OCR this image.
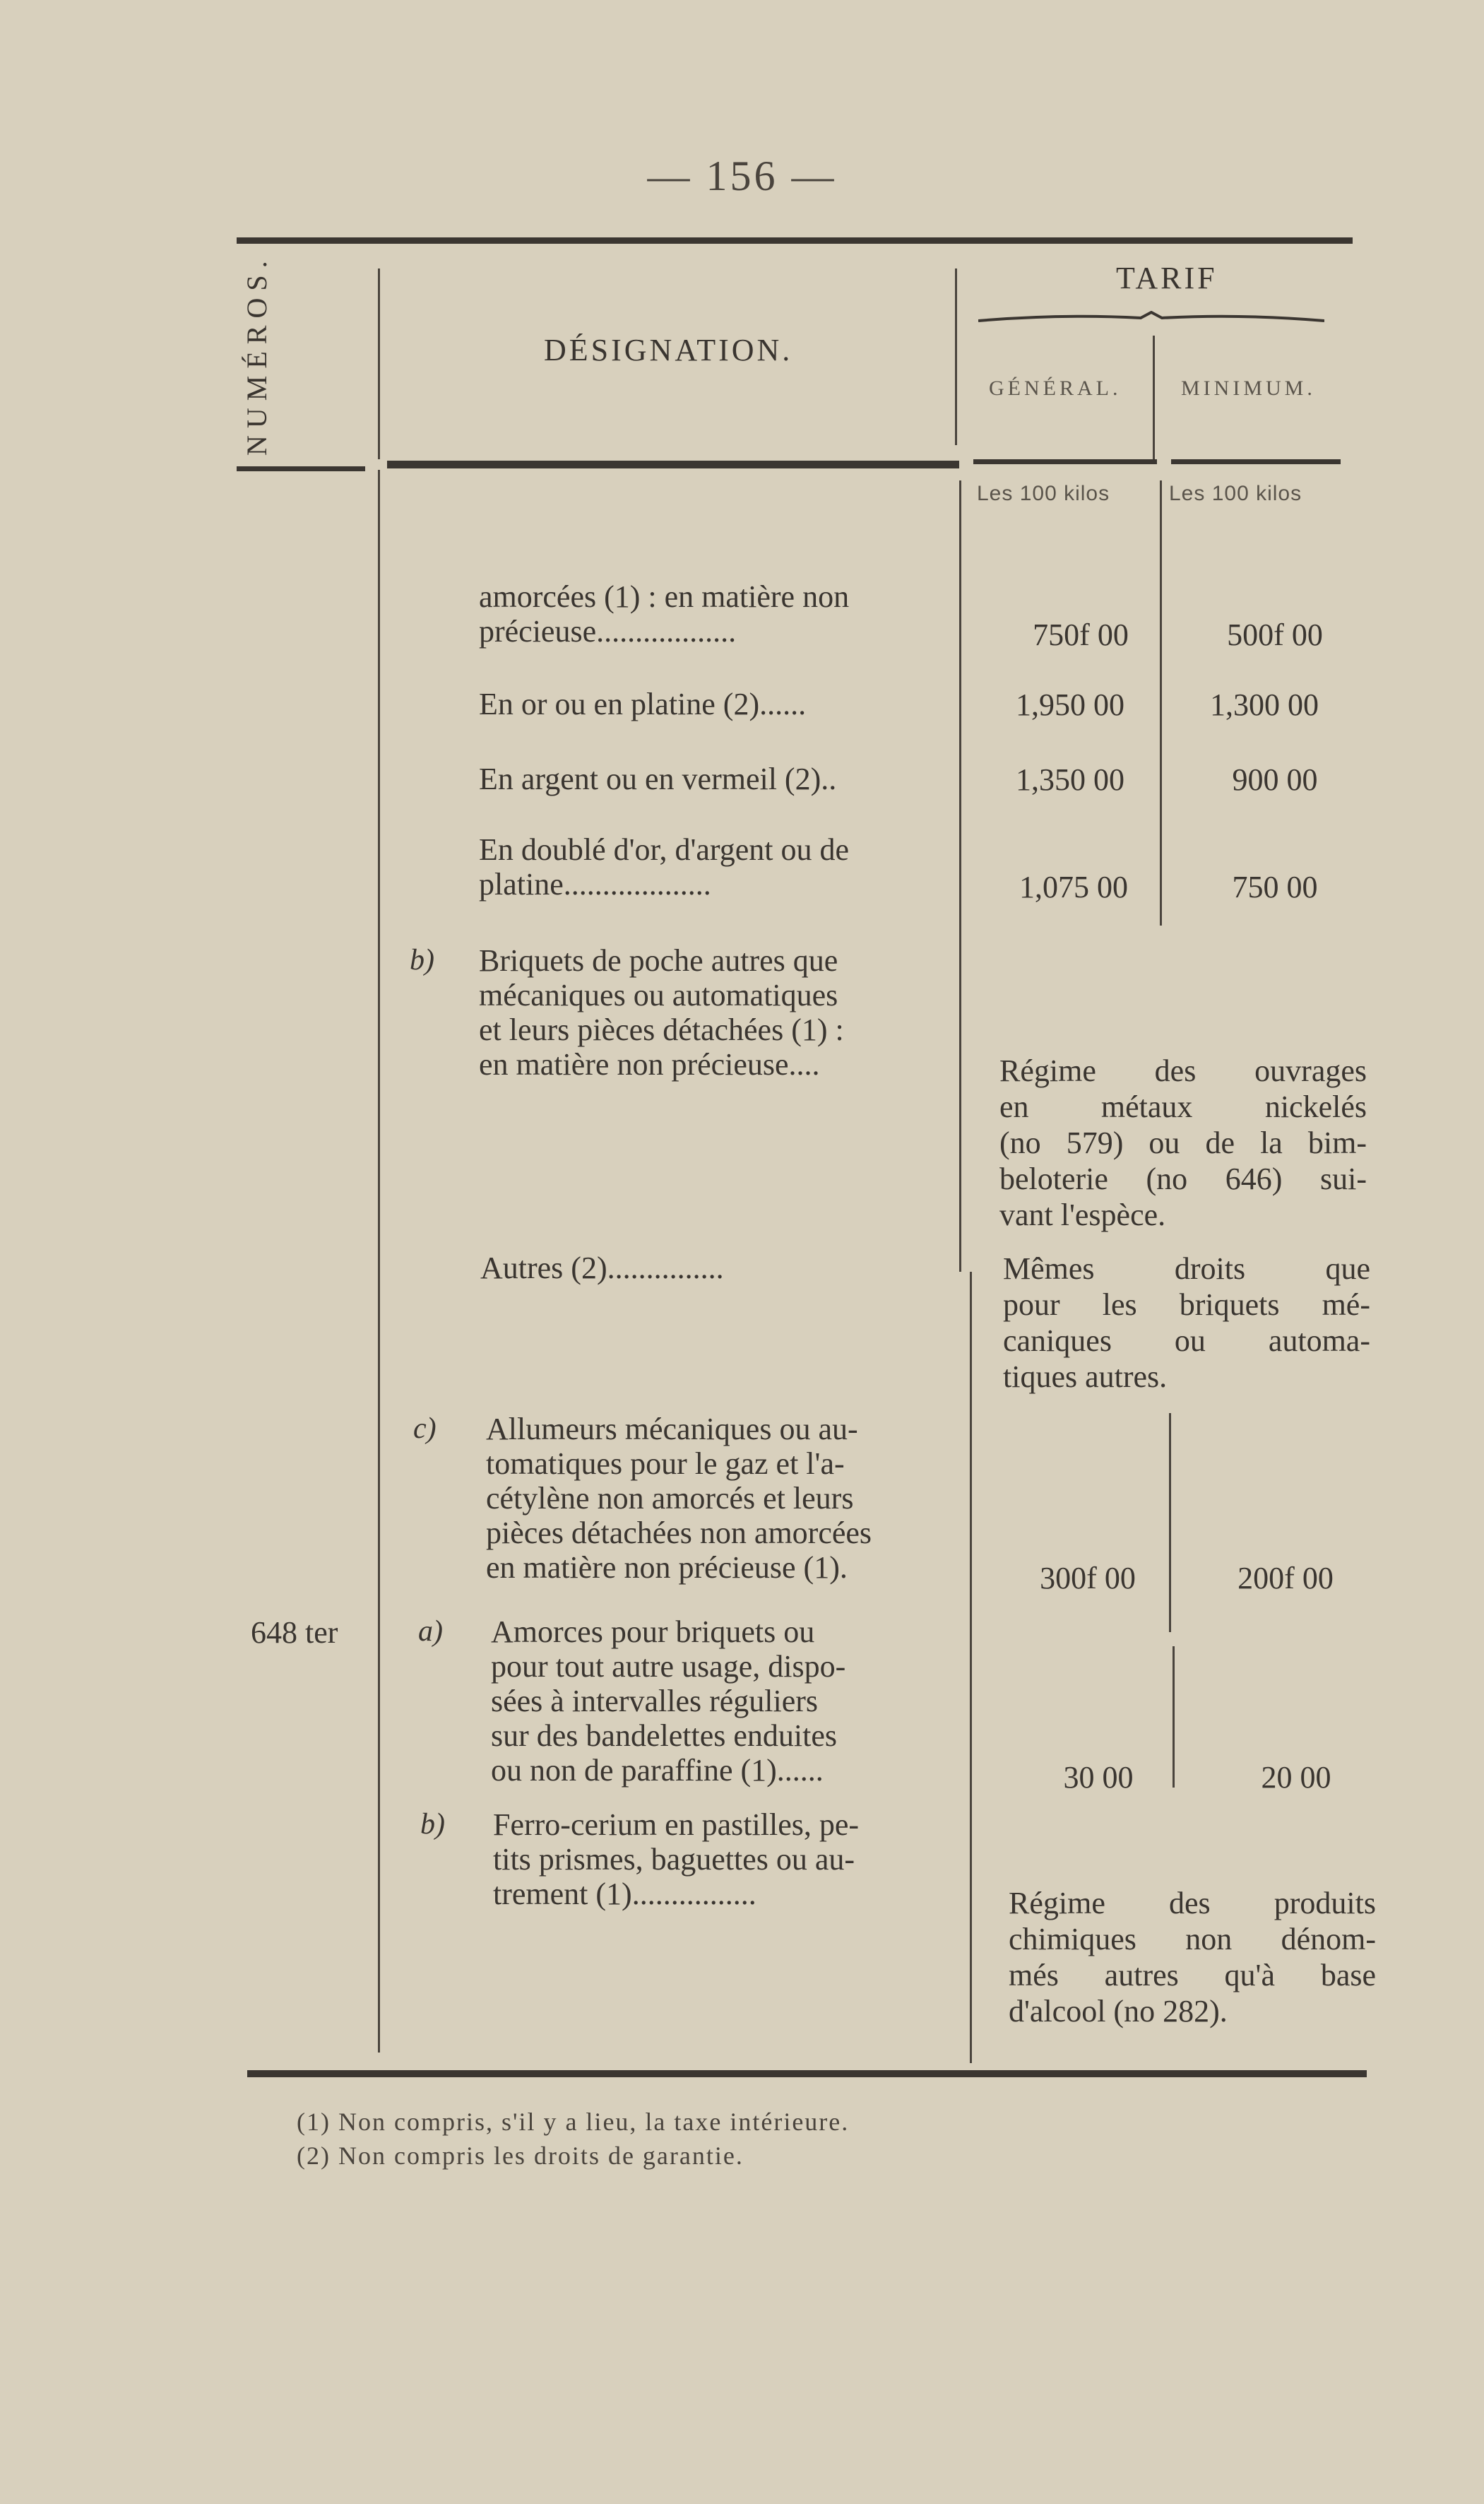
— 156 —
NUMÉROS.	DÉSIGNATION.
TARIF
GÉNÉRAL.	MINIMUM.
Les 100 kilos	Les 100 kilos
amorcées (1) : en matière non
précieuse..................	750f 00	500f 00
En or ou en platine (2)......	1,950 00	1,300 00
En argent ou en vermeil (2)..	1,350 00	900 00
En doublé d'or, d'argent ou de
platine...................	1,075 00	750 00
b) Briquets de poche autres que
mécaniques ou automatiques
et leurs pièces détachées (1) :
en matière non précieuse....	Régime des ouvrages
en métaux nickelés
(no 579) ou de la bim-
beloterie (no 646) sui-
vant l'espèce.
Autres (2)...............	Mêmes droits que
pour les briquets mé-
caniques ou automa-
tiques autres.
c) Allumeurs mécaniques ou au-
tomatiques pour le gaz et l'a-
cétylène non amorcés et leurs
pièces détachées non amorcées
en matière non précieuse (1).	300f 00	200f 00
648 ter	a) Amorces pour briquets ou
pour tout autre usage, dispo-
sées à intervalles réguliers
sur des bandelettes enduites
ou non de paraffine (1)......	30 00	20 00
b) Ferro-cerium en pastilles, pe-
tits prismes, baguettes ou au-
trement (1)................	Régime des produits
chimiques non dénom-
més autres qu'à base
d'alcool (no 282).
(1) Non compris, s'il y a lieu, la taxe intérieure.
(2) Non compris les droits de garantie.
